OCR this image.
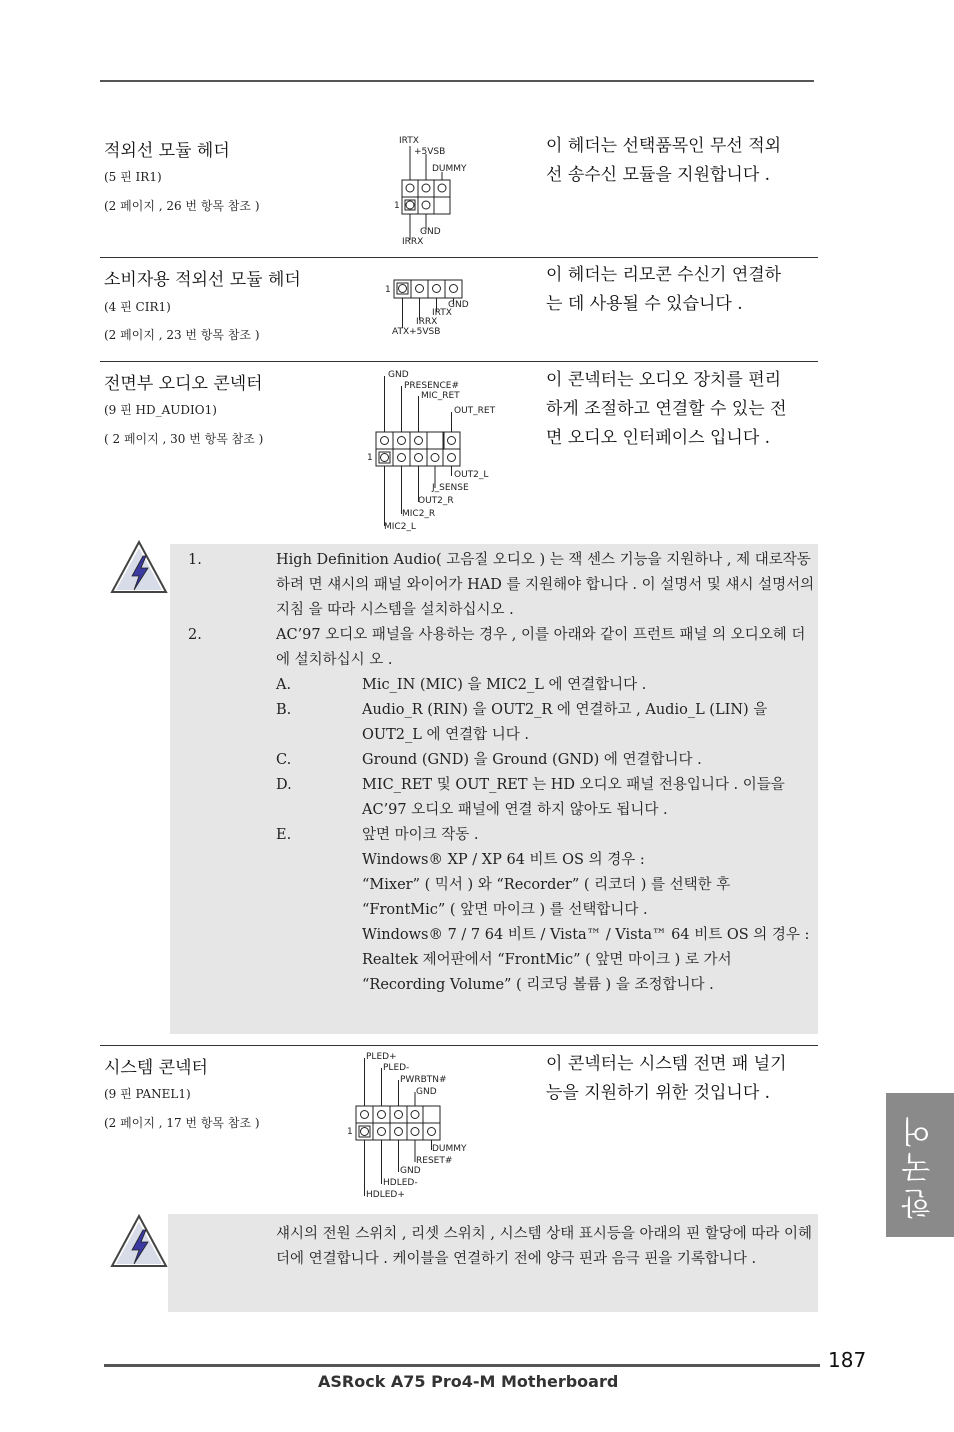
적외선 모듈 헤더
(5 핀 IR1)
(2 페이지 , 26 번 항목 참조 )
이 헤더는 선택품목인 무선 적외선 송수신 모듈을 지원합니다 .
IRTX
+5VSB
DUMMY
1
GND
IRRX
소비자용 적외선 모듈 헤더
(4 핀 CIR1)
(2 페이지 , 23 번 항목 참조 )
이 헤더는 리모콘 수신기 연결하는 데 사용될 수 있습니다 .
1
GND
IRTX
IRRX
ATX+5VSB
전면부 오디오 콘넥터
(9 핀 HD_AUDIO1)
( 2 페이지 , 30 번 항목 참조 )
이 콘넥터는 오디오 장치를 편리하게 조절하고 연결할 수 있는 전면 오디오 인터페이스 입니다 .
GND
PRESENCE#
MIC_RET
OUT_RET
1
OUT2_L
J_SENSE
OUT2_R
MIC2_R
MIC2_L
1.	High Definition Audio( 고음질 오디오 ) 는 잭 센스 기능을 지원하나 , 제 대로작동하려 면 섀시의 패널 와이어가 HAD 를 지원해야 합니다 . 이 설명서 및 섀시 설명서의지침 을 따라 시스템을 설치하십시오 .
2.	AC’97 오디오 패널을 사용하는 경우 , 이를 아래와 같이 프런트 패널 의 오디오헤 더에 설치하십시 오 .
A.	Mic_IN (MIC) 을 MIC2_L 에 연결합니다 .
B.	Audio_R (RIN) 을 OUT2_R 에 연결하고 , Audio_L (LIN) 을 OUT2_L 에 연결합 니다 .
C.	Ground (GND) 을 Ground (GND) 에 연결합니다 .
D.	MIC_RET 및 OUT_RET 는 HD 오디오 패널 전용입니다 . 이들을 AC’97 오디오 패널에 연결 하지 않아도 됩니다 .
E.	앞면 마이크 작동 .
Windows® XP / XP 64 비트 OS 의 경우 :
“Mixer” ( 믹서 ) 와 “Recorder” ( 리코더 ) 를 선택한 후
“FrontMic” ( 앞면 마이크 ) 를 선택합니다 .
Windows® 7 / 7 64 비트 / Vista™ / Vista™ 64 비트 OS 의 경우 :
Realtek 제어판에서 “FrontMic” ( 앞면 마이크 ) 로 가서
“Recording Volume” ( 리코딩 볼륨 ) 을 조정합니다 .
시스템 콘넥터
(9 핀 PANEL1)
(2 페이지 , 17 번 항목 참조 )
이 콘넥터는 시스템 전면 패 널기능을 지원하기 위한 것입니다 .
PLED+
PLED-
PWRBTN#
GND
1
DUMMY
RESET#
GND
HDLED-
HDLED+
섀시의 전원 스위치 , 리셋 스위치 , 시스템 상태 표시등을 아래의 핀 할당에 따라 이헤더에 연결합니다 . 케이블을 연결하기 전에 양극 핀과 음극 핀을 기록합니다 .
한국어
187
ASRock A75 Pro4-M Motherboard
